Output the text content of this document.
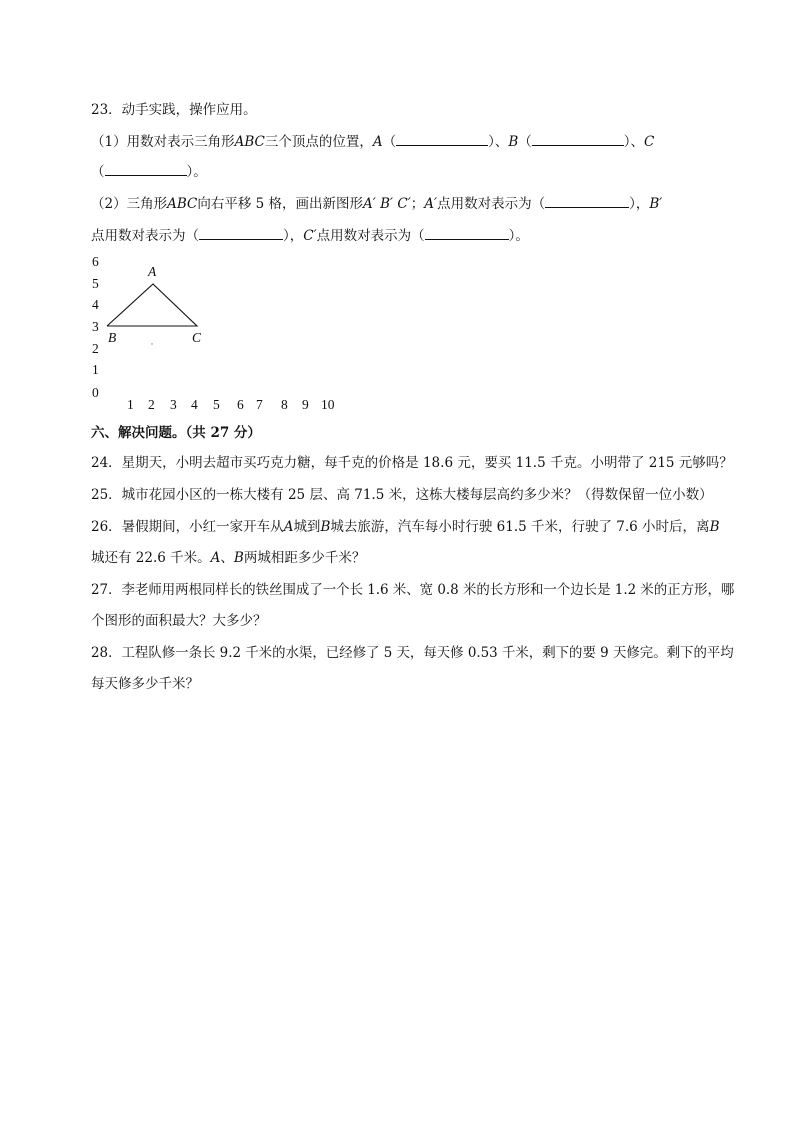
23．动手实践，操作应用。
（1）用数对表示三角形ABC三个顶点的位置，A（	）、B（	）、C
（	）。
（2）三角形ABC向右平移 5 格，画出新图形A′ B′ C′；A′点用数对表示为（	），B′
点用数对表示为（	），C′点用数对表示为（	）。
6
5
4
3
2
1
0
1 2 3 4 5 6 7 8 9 10
A
B	C
六、解决问题。（共 27 分）
24．星期天，小明去超市买巧克力糖，每千克的价格是 18.6 元，要买 11.5 千克。小明带了 215 元够吗？
25．城市花园小区的一栋大楼有 25 层、高 71.5 米，这栋大楼每层高约多少米？（得数保留一位小数）
26．暑假期间，小红一家开车从A城到B城去旅游，汽车每小时行驶 61.5 千米，行驶了 7.6 小时后，离B
城还有 22.6 千米。A、B两城相距多少千米？
27．李老师用两根同样长的铁丝围成了一个长 1.6 米、宽 0.8 米的长方形和一个边长是 1.2 米的正方形，哪
个图形的面积最大？大多少？
28．工程队修一条长 9.2 千米的水渠，已经修了 5 天，每天修 0.53 千米，剩下的要 9 天修完。剩下的平均
每天修多少千米？
